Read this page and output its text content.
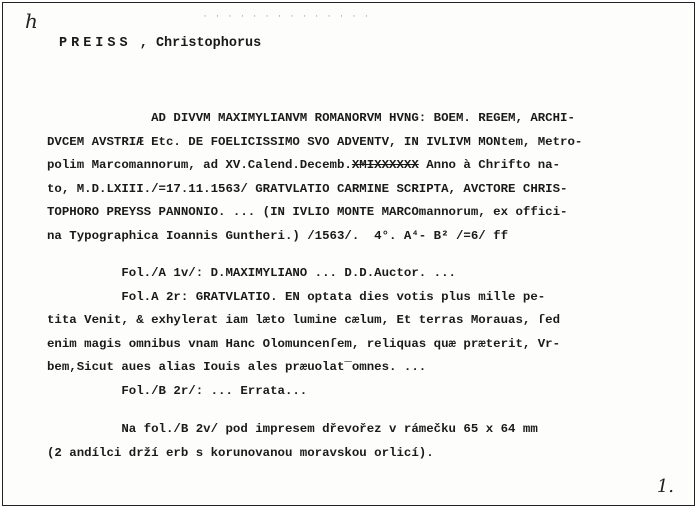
h	· · · · · · · · · · · · · ·
PREISS , Christophorus
AD DIVVM MAXIMYLIANVM ROMANORVM HVNG: BOEM. REGEM, ARCHI-
DVCEM AVSTRIÆ Etc. DE FOELICISSIMO SVO ADVENTV, IN IVLIVM MONtem, Metro-
polim Marcomannorum, ad XV.Calend.Decemb.XMIXXXXXX Anno à Chrifto na-
to, M.D.LXIII./=17.11.1563/ GRATVLATIO CARMINE SCRIPTA, AVCTORE CHRIS-
TOPHORO PREYSS PANNONIO. ... (IN IVLIO MONTE MARCOmannorum, ex offici-
na Typographica Ioannis Guntheri.) /1563/.  4°. A⁴- B² /=6/ ff
Fol./A 1v/: D.MAXIMYLIANO ... D.D.Auctor. ...
Fol.A 2r: GRATVLATIO. EN optata dies votis plus mille pe-
tita Venit, & exhylerat iam læto lumine cælum, Et terras Morauas, ſed
enim magis omnibus vnam Hanc Olomuncenſem, reliquas quæ præterit, Vr-
bem,Sicut aues alias Iouis ales præuolat¯omnes. ...
Fol./B 2r/: ... Errata...
Na fol./B 2v/ pod impresem dřevořez v rámečku 65 x 64 mm
(2 andílci drží erb s korunovanou moravskou orlicí).
1.
